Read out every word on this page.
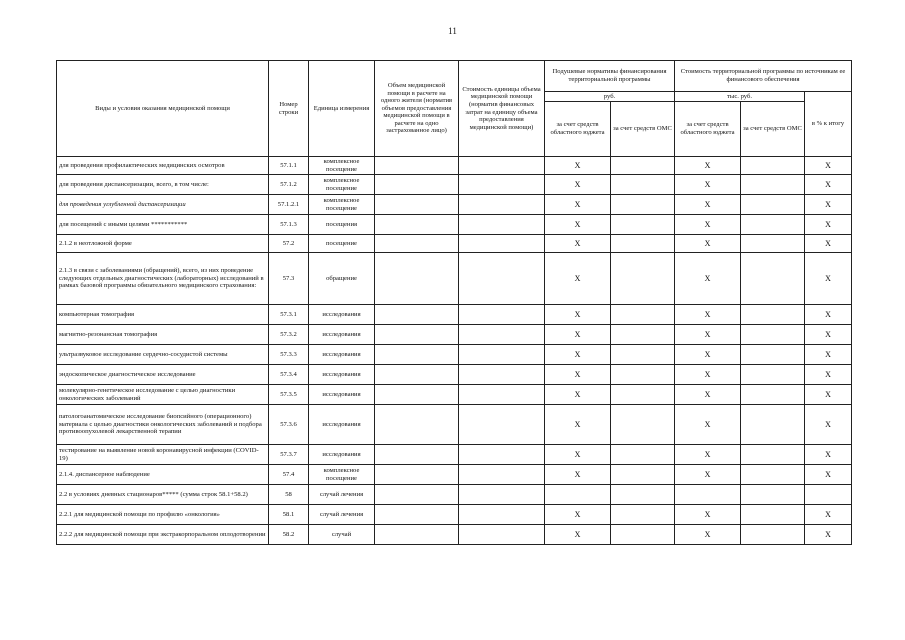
11
Виды и условия оказания медицинской помощи	Номер строки	Единица измерения	Объем медицинской помощи в расчете на одного жителя (норматив объемов предоставления медицинской помощи в расчете на одно застрахованное лицо)	Стоимость единицы объема медицинской помощи (норматив финансовых затрат на единицу объема предоставления медицинской помощи)	Подушевые нормативы финансирования территориальной программы		Стоимость территориальной программы по источникам ее финансового обеспечения		
					руб.		тыс. руб.		в % к итогу
					за счет средств областного юджета	за счет средств ОМС	за счет средств областного юджета	за счет средств ОМС	
для проведения профилактических медицинских осмотров	57.1.1	комплексное посещение			X		X		X
для проведения диспансеризации, всего, в том числе:	57.1.2	комплексное посещение			X		X		X
для проведения углубленной диспансеризации	57.1.2.1	комплексное посещение			X		X		X
для посещений с иными целями ***********	57.1.3	посещения			X		X		X
2.1.2 в неотложной форме	57.2	посещение			X		X		X
2.1.3 в связи с заболеваниями (обращений), всего, из них проведение следующих отдельных диагностических (лабораторных) исследований в рамках базовой программы обязательного медицинского страхования:	57.3	обращение			X		X		X
компьютерная томография	57.3.1	исследования			X		X		X
магнитно-резонансная томография	57.3.2	исследования			X		X		X
ультразвуковое исследование сердечно-сосудистой системы	57.3.3	исследования			X		X		X
эндоскопическое диагностическое исследование	57.3.4	исследования			X		X		X
молекулярно-генетическое исследование с целью диагностики онкологических заболеваний	57.3.5	исследования			X		X		X
патологоанатомическое исследование биопсийного (операционного) материала с целью диагностики онкологических заболеваний и подбора противоопухолевой лекарственной терапии	57.3.6	исследования			X		X		X
тестирование на выявление новой коронавирусной инфекции (COVID-19)	57.3.7	исследования			X		X		X
2.1.4. диспансерное наблюдение	57.4	комплексное посещение			X		X		X
2.2 в условиях дневных стационаров***** (сумма строк 58.1+58.2)	58	случай лечения							
2.2.1 для медицинской помощи по профилю «онкология»	58.1	случай лечения			X		X		X
2.2.2 для медицинской помощи при экстракорпоральном оплодотворении	58.2	случай			X		X		X
